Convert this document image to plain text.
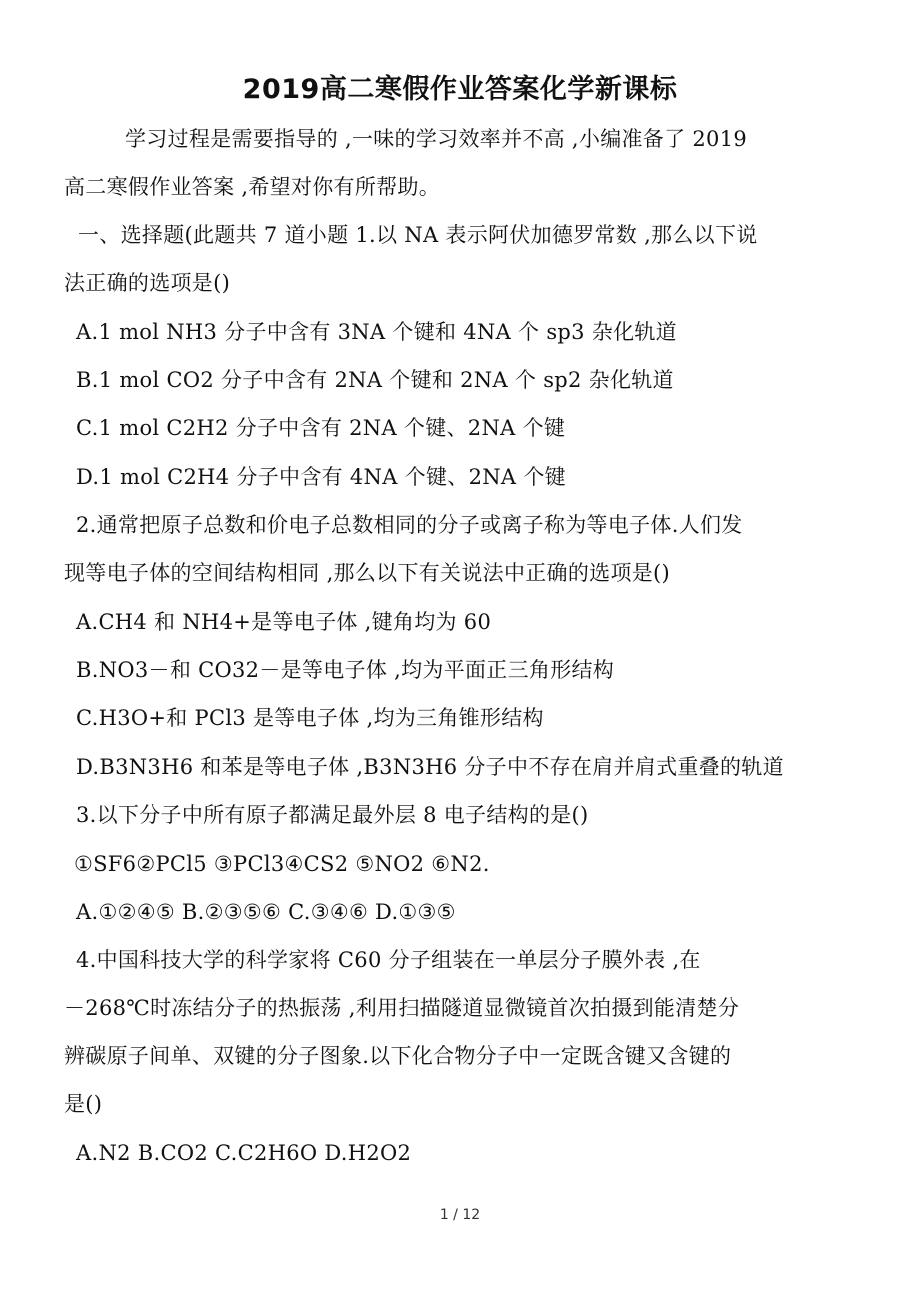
2019高二寒假作业答案化学新课标
学习过程是需要指导的 ,一味的学习效率并不高 ,小编准备了 2019
高二寒假作业答案 ,希望对你有所帮助。
一、选择题(此题共 7 道小题 1.以 NA 表示阿伏加德罗常数 ,那么以下说
法正确的选项是()
A.1 mol NH3 分子中含有 3NA 个键和 4NA 个 sp3 杂化轨道
B.1 mol CO2 分子中含有 2NA 个键和 2NA 个 sp2 杂化轨道
C.1 mol C2H2 分子中含有 2NA 个键、2NA 个键
D.1 mol C2H4 分子中含有 4NA 个键、2NA 个键
2.通常把原子总数和价电子总数相同的分子或离子称为等电子体.人们发
现等电子体的空间结构相同 ,那么以下有关说法中正确的选项是()
A.CH4 和 NH4+是等电子体 ,键角均为 60
B.NO3－和 CO32－是等电子体 ,均为平面正三角形结构
C.H3O+和 PCl3 是等电子体 ,均为三角锥形结构
D.B3N3H6 和苯是等电子体 ,B3N3H6 分子中不存在肩并肩式重叠的轨道
3.以下分子中所有原子都满足最外层 8 电子结构的是()
①SF6②PCl5 ③PCl3④CS2 ⑤NO2 ⑥N2.
A.①②④⑤ B.②③⑤⑥ C.③④⑥ D.①③⑤
4.中国科技大学的科学家将 C60 分子组装在一单层分子膜外表 ,在
－268℃时冻结分子的热振荡 ,利用扫描隧道显微镜首次拍摄到能清楚分
辨碳原子间单、双键的分子图象.以下化合物分子中一定既含键又含键的
是()
A.N2 B.CO2 C.C2H6O D.H2O2
1 / 12
